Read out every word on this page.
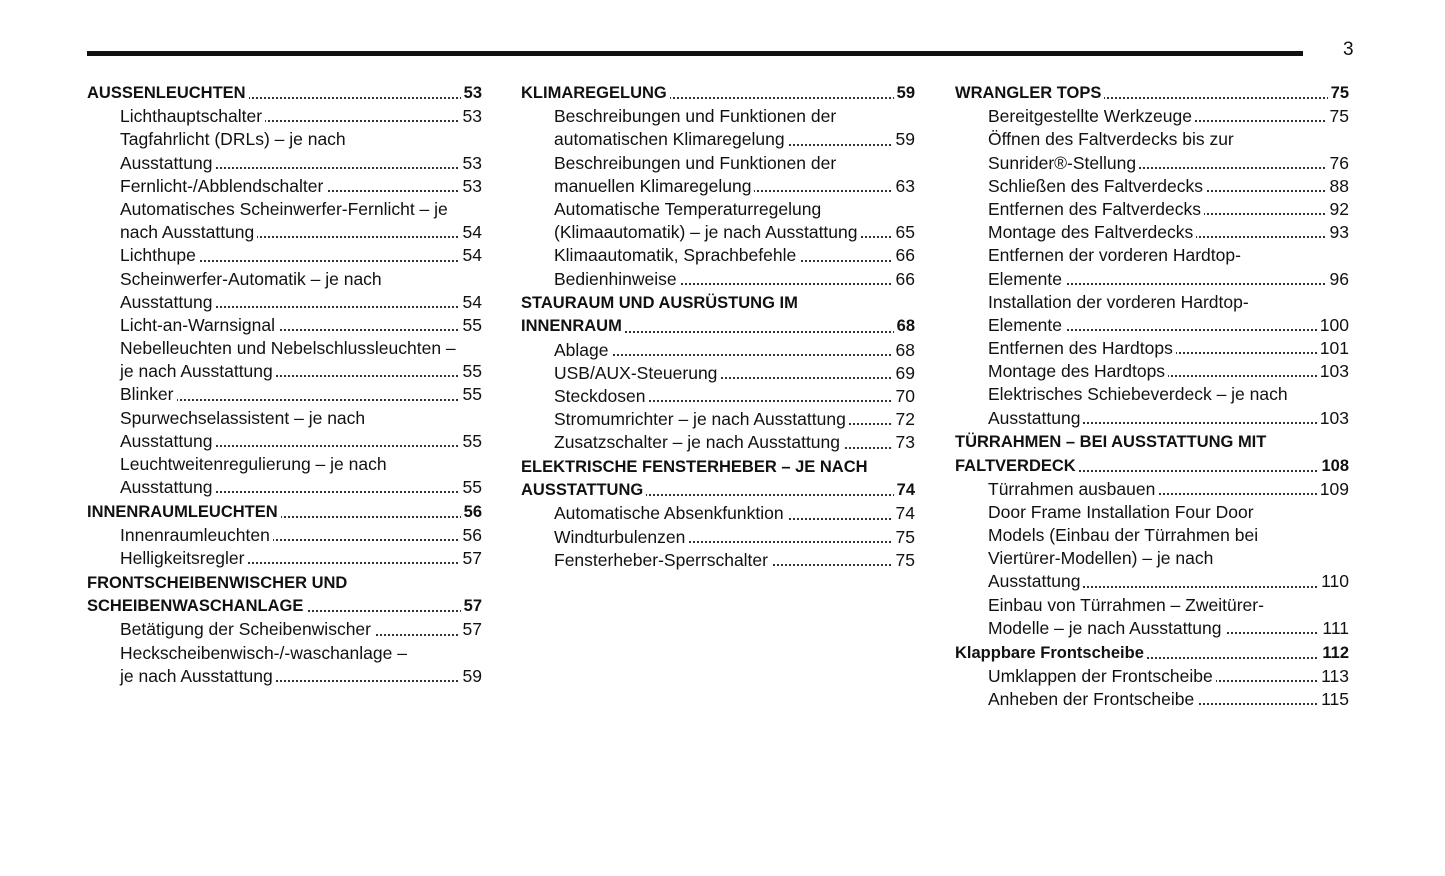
3
AUSSENLEUCHTEN	53
Lichthauptschalter	53
Tagfahrlicht (DRLs) – je nach
Ausstattung	53
Fernlicht-/Abblendschalter	53
Automatisches Scheinwerfer-Fernlicht – je
nach Ausstattung	54
Lichthupe	54
Scheinwerfer-Automatik – je nach
Ausstattung	54
Licht-an-Warnsignal	55
Nebelleuchten und Nebelschlussleuchten –
je nach Ausstattung	55
Blinker	55
Spurwechselassistent – je nach
Ausstattung	55
Leuchtweitenregulierung – je nach
Ausstattung	55
INNENRAUMLEUCHTEN	56
Innenraumleuchten	56
Helligkeitsregler	57
FRONTSCHEIBENWISCHER UND
SCHEIBENWASCHANLAGE	57
Betätigung der Scheibenwischer	57
Heckscheibenwisch-/-waschanlage –
je nach Ausstattung	59
KLIMAREGELUNG	59
Beschreibungen und Funktionen der
automatischen Klimaregelung	59
Beschreibungen und Funktionen der
manuellen Klimaregelung	63
Automatische Temperaturregelung
(Klimaautomatik) – je nach Ausstattung 65
Klimaautomatik, Sprachbefehle	66
Bedienhinweise	66
STAURAUM UND AUSRÜSTUNG IM
INNENRAUM	68
Ablage	68
USB/AUX-Steuerung	69
Steckdosen	70
Stromumrichter – je nach Ausstattung	72
Zusatzschalter – je nach Ausstattung	73
ELEKTRISCHE FENSTERHEBER – JE NACH
AUSSTATTUNG	74
Automatische Absenkfunktion	74
Windturbulenzen	75
Fensterheber-Sperrschalter	75
WRANGLER TOPS	75
Bereitgestellte Werkzeuge	75
Öffnen des Faltverdecks bis zur
Sunrider®-Stellung	76
Schließen des Faltverdecks	88
Entfernen des Faltverdecks	92
Montage des Faltverdecks	93
Entfernen der vorderen Hardtop-
Elemente	96
Installation der vorderen Hardtop-
Elemente	100
Entfernen des Hardtops	101
Montage des Hardtops	103
Elektrisches Schiebeverdeck – je nach
Ausstattung	103
TÜRRAHMEN – BEI AUSSTATTUNG MIT
FALTVERDECK	108
Türrahmen ausbauen	109
Door Frame Installation Four Door
Models (Einbau der Türrahmen bei
Viertürer-Modellen) – je nach
Ausstattung	110
Einbau von Türrahmen – Zweitürer-
Modelle – je nach Ausstattung	111
Klappbare Frontscheibe	112
Umklappen der Frontscheibe	113
Anheben der Frontscheibe	115
